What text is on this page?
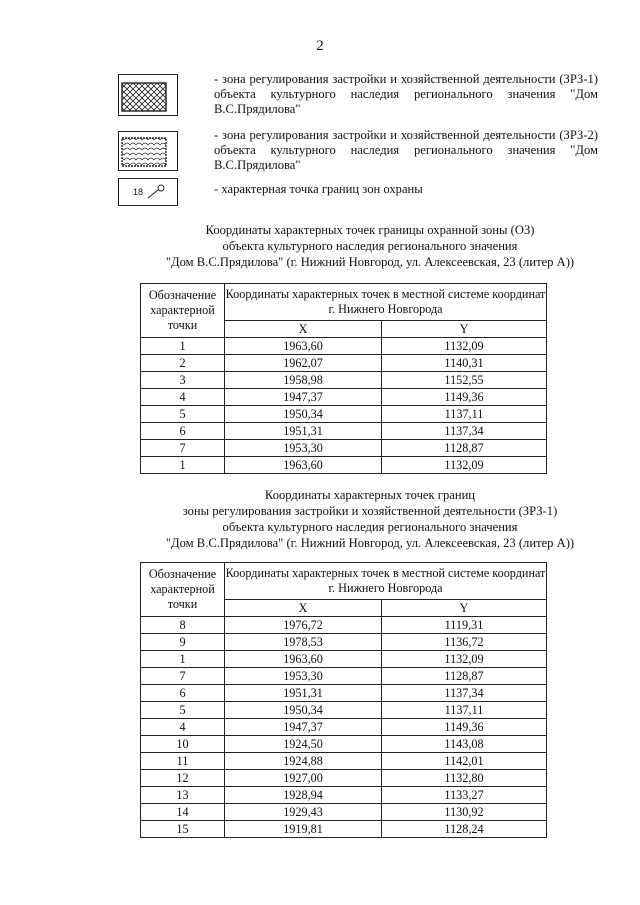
2
- зона регулирования застройки и хозяйственной деятельности (ЗРЗ-1) объекта культурного наследия регионального значения "Дом В.С.Прядилова"
- зона регулирования застройки и хозяйственной деятельности (ЗРЗ-2) объекта культурного наследия регионального значения "Дом В.С.Прядилова"
18	- характерная точка границ зон охраны
Координаты характерных точек границы охранной зоны (ОЗ)
объекта культурного наследия регионального значения
"Дом В.С.Прядилова" (г. Нижний Новгород, ул. Алексеевская, 23 (литер А))
Обозначение характерной точки	Координаты характерных точек в местной системе координат г. Нижнего Новгорода	
	X	Y
1	1963,60	1132,09
2	1962,07	1140,31
3	1958,98	1152,55
4	1947,37	1149,36
5	1950,34	1137,11
6	1951,31	1137,34
7	1953,30	1128,87
1	1963,60	1132,09
Координаты характерных точек границ
зоны регулирования застройки и хозяйственной деятельности (ЗРЗ-1)
объекта культурного наследия регионального значения
"Дом В.С.Прядилова" (г. Нижний Новгород, ул. Алексеевская, 23 (литер А))
Обозначение характерной точки	Координаты характерных точек в местной системе координат г. Нижнего Новгорода	
	X	Y
8	1976,72	1119,31
9	1978,53	1136,72
1	1963,60	1132,09
7	1953,30	1128,87
6	1951,31	1137,34
5	1950,34	1137,11
4	1947,37	1149,36
10	1924,50	1143,08
11	1924,88	1142,01
12	1927,00	1132,80
13	1928,94	1133,27
14	1929,43	1130,92
15	1919,81	1128,24
